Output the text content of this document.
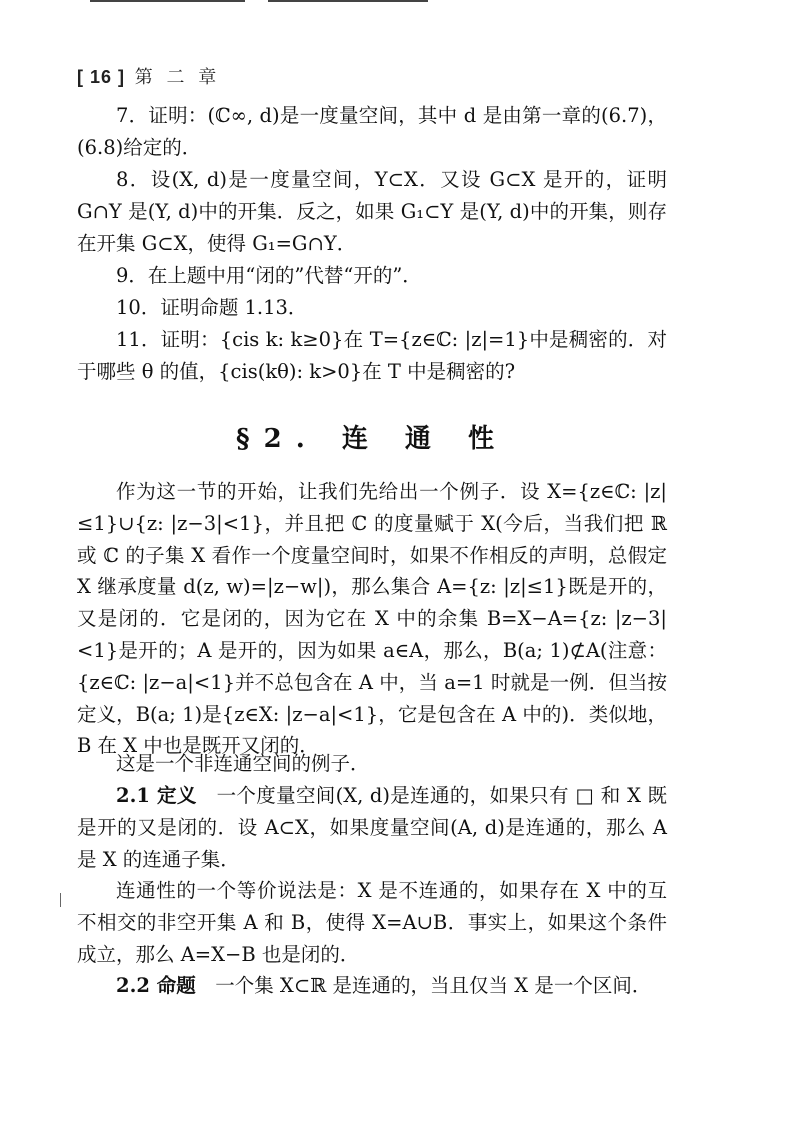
[ 16 ] 第 二 章

7．证明：(ℂ∞, d)是一度量空间，其中 d 是由第一章的(6.7)，(6.8)给定的．

8．设(X, d)是一度量空间，Y⊂X．又设 G⊂X 是开的，证明 G∩Y 是(Y, d)中的开集．反之，如果 G₁⊂Y 是(Y, d)中的开集，则存在开集 G⊂X，使得 G₁=G∩Y．

9．在上题中用“闭的”代替“开的”．

10．证明命题 1.13．

11．证明：{cis k: k≥0}在 T={z∈ℂ: |z|=1}中是稠密的．对于哪些 θ 的值，{cis(kθ): k>0}在 T 中是稠密的?

§2. 连 通 性

作为这一节的开始，让我们先给出一个例子．设 X={z∈ℂ: |z|≤1}∪{z: |z−3|<1}，并且把 ℂ 的度量赋于 X(今后，当我们把 ℝ 或 ℂ 的子集 X 看作一个度量空间时，如果不作相反的声明，总假定 X 继承度量 d(z, w)=|z−w|)，那么集合 A={z: |z|≤1}既是开的，又是闭的．它是闭的，因为它在 X 中的余集 B=X−A={z: |z−3|<1}是开的；A 是开的，因为如果 a∈A，那么，B(a; 1)⊄A(注意：{z∈ℂ: |z−a|<1}并不总包含在 A 中，当 a=1 时就是一例．但当按定义，B(a; 1)是{z∈X: |z−a|<1}，它是包含在 A 中的)．类似地，B 在 X 中也是既开又闭的．

这是一个非连通空间的例子．

2.1 定义　 一个度量空间(X, d)是连通的，如果只有 □ 和 X 既是开的又是闭的．设 A⊂X，如果度量空间(A, d)是连通的，那么 A 是 X 的连通子集．

连通性的一个等价说法是：X 是不连通的，如果存在 X 中的互不相交的非空开集 A 和 B，使得 X=A∪B．事实上，如果这个条件成立，那么 A=X−B 也是闭的．

2.2 命题　 一个集 X⊂ℝ 是连通的，当且仅当 X 是一个区间．
